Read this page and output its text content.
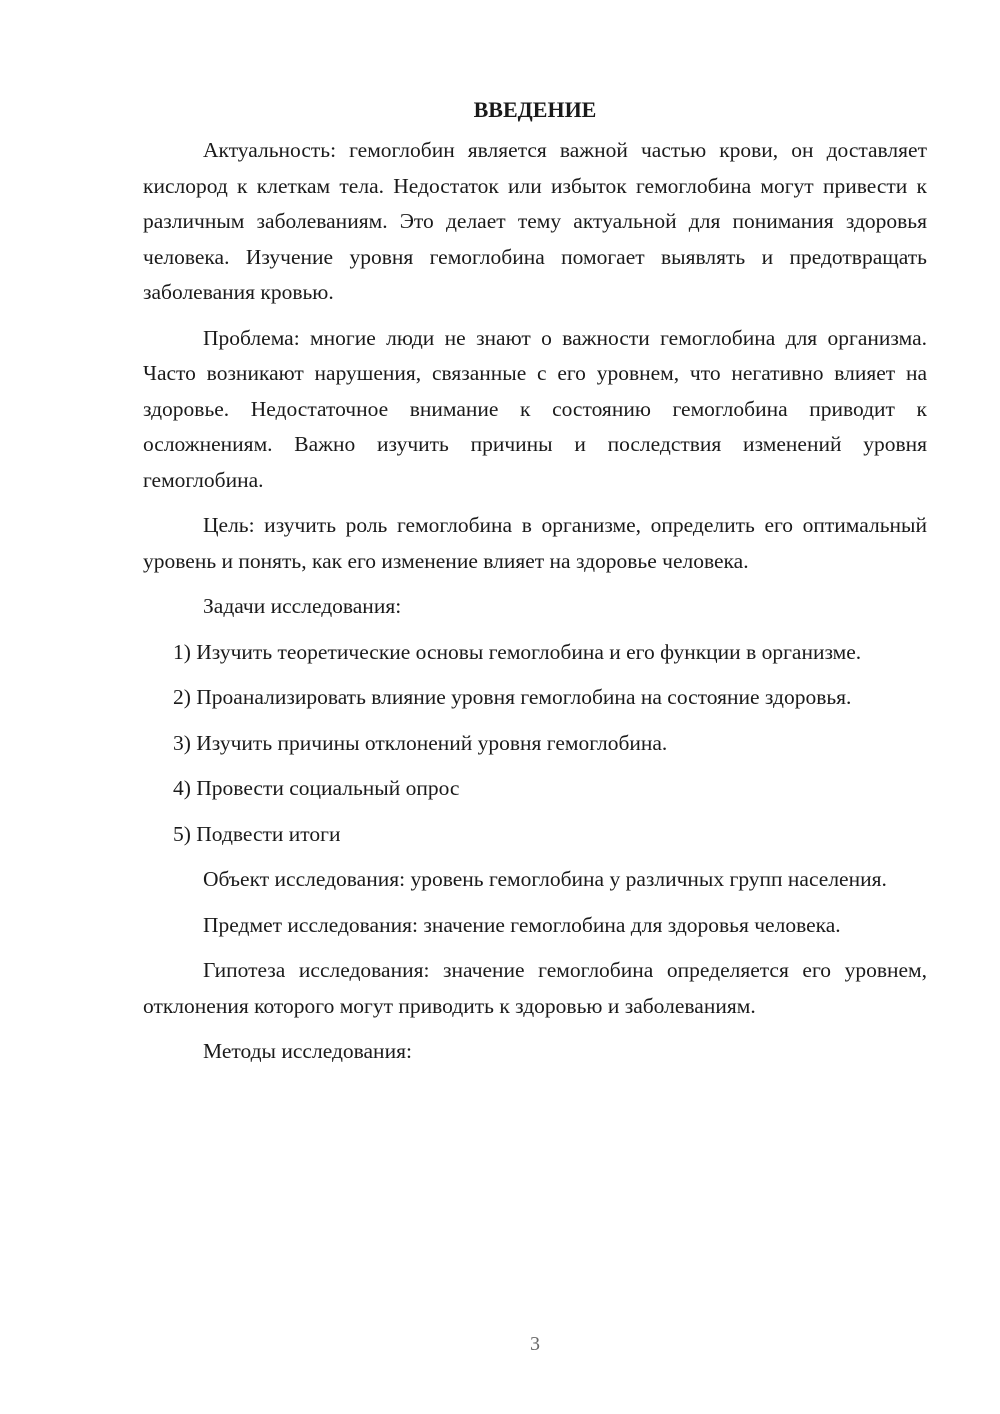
ВВЕДЕНИЕ

Актуальность: гемоглобин является важной частью крови, он доставляет кислород к клеткам тела. Недостаток или избыток гемоглобина могут привести к различным заболеваниям. Это делает тему актуальной для понимания здоровья человека. Изучение уровня гемоглобина помогает выявлять и предотвращать заболевания кровью.

Проблема: многие люди не знают о важности гемоглобина для организма. Часто возникают нарушения, связанные с его уровнем, что негативно влияет на здоровье. Недостаточное внимание к состоянию гемоглобина приводит к осложнениям. Важно изучить причины и последствия изменений уровня гемоглобина.

Цель: изучить роль гемоглобина в организме, определить его оптимальный уровень и понять, как его изменение влияет на здоровье человека.

Задачи исследования:

1) Изучить теоретические основы гемоглобина и его функции в организме.

2) Проанализировать влияние уровня гемоглобина на состояние здоровья.

3) Изучить причины отклонений уровня гемоглобина.

4) Провести социальный опрос

5) Подвести итоги

Объект исследования: уровень гемоглобина у различных групп населения.

Предмет исследования: значение гемоглобина для здоровья человека.

Гипотеза исследования: значение гемоглобина определяется его уровнем, отклонения которого могут приводить к здоровью и заболеваниям.

Методы исследования:

3
